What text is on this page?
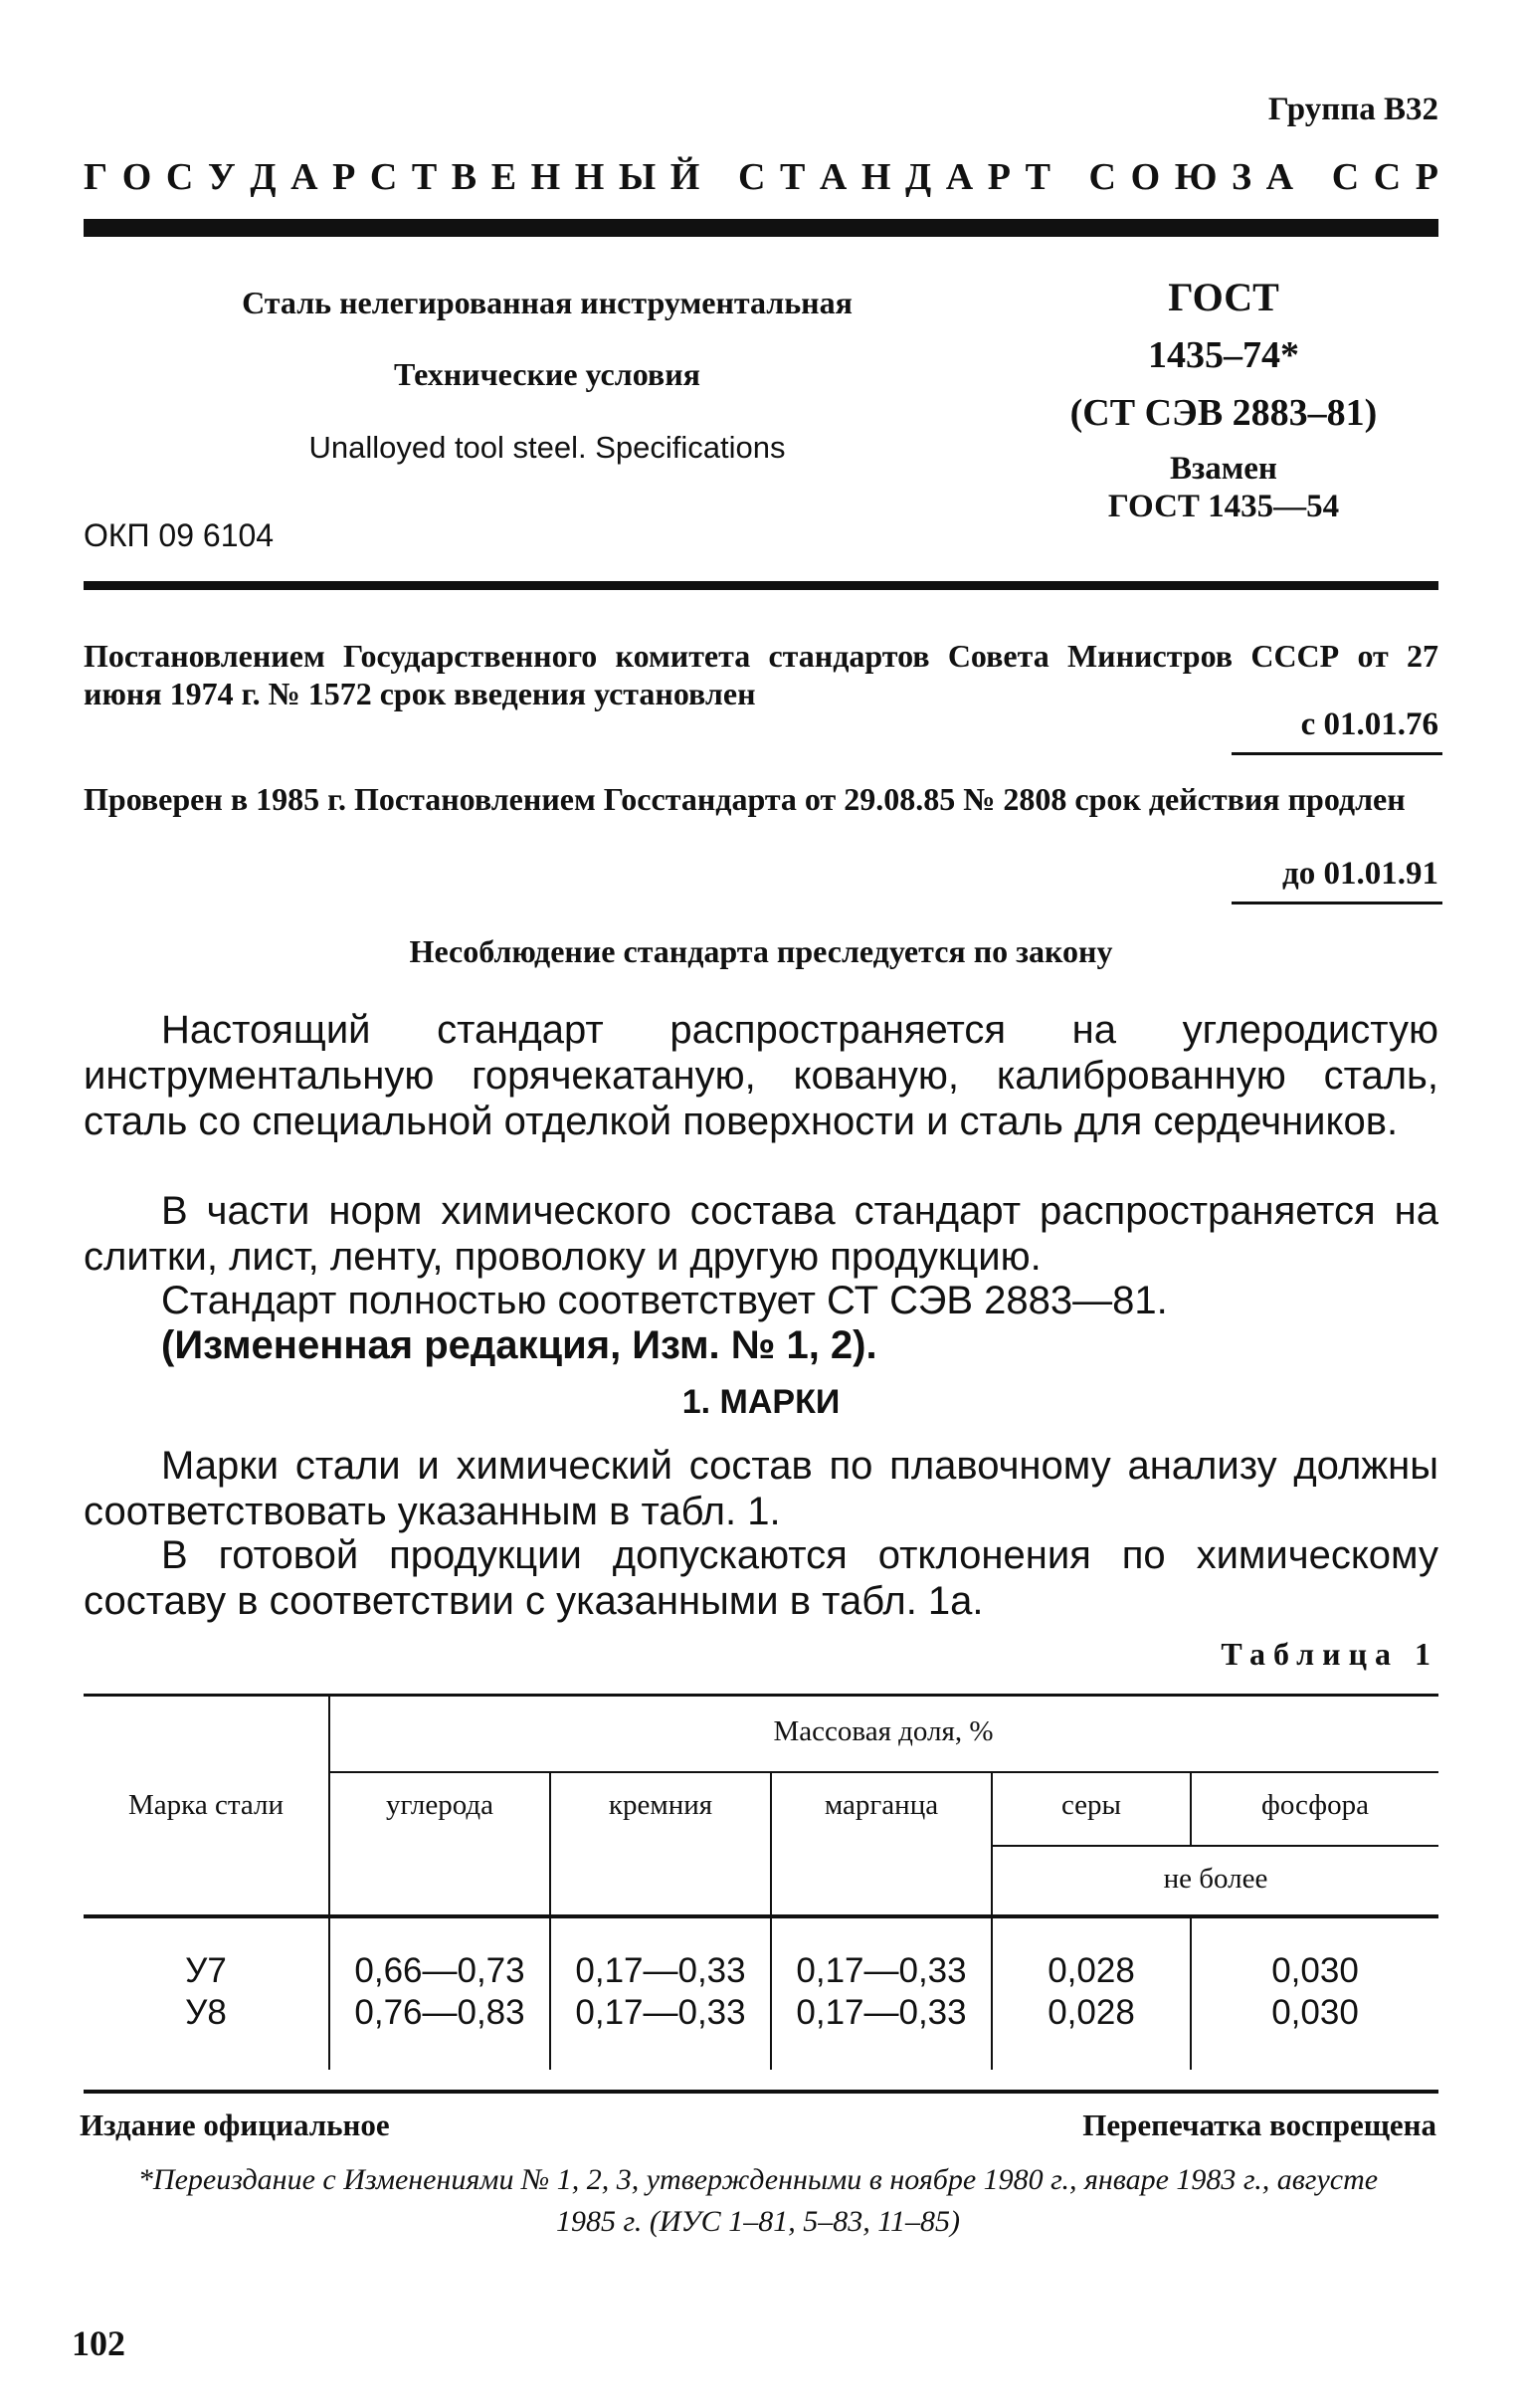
Группа В32
Г О С У Д А Р С Т В Е Н Н Ы Й
С Т А Н Д А Р Т
С О Ю З А
С С Р
Сталь нелегированная инструментальная
Технические условия
Unalloyed tool steel. Specifications
ОКП 09 6104
ГОСТ
1435–74*
(СТ СЭВ 2883–81)
Взамен
ГОСТ 1435—54
Постановлением Государственного комитета стандартов Совета Министров СССР от 27 июня 1974 г. № 1572 срок введения установлен
с 01.01.76
Проверен в 1985 г. Постановлением Госстандарта от 29.08.85 № 2808 срок действия продлен
до 01.01.91
Несоблюдение стандарта преследуется по закону
Настоящий стандарт распространяется на углеродистую инструментальную горячекатаную, кованую, калиброванную сталь, сталь со специальной отделкой поверхности и сталь для сердечников.
В части норм химического состава стандарт распространяется на слитки, лист, ленту, проволоку и другую продукцию.
Стандарт полностью соответствует СТ СЭВ 2883—81.
(Измененная редакция, Изм. № 1, 2).
1. МАРКИ
Марки стали и химический состав по плавочному анализу должны соответствовать указанным в табл. 1.
В готовой продукции допускаются отклонения по химическому составу в соответствии с указанными в табл. 1а.
Таблица 1
Марка стали
Массовая доля, %
углерода	кремния	марганца	серы	фосфора
не более
У7	0,66—0,73	0,17—0,33	0,17—0,33	0,028	0,030
У8	0,76—0,83	0,17—0,33	0,17—0,33	0,028	0,030
Издание официальное	Перепечатка воспрещена
*Переиздание с Изменениями № 1, 2, 3, утвержденными в ноябре 1980 г., январе 1983 г., августе 1985 г. (ИУС 1–81, 5–83, 11–85)
102
